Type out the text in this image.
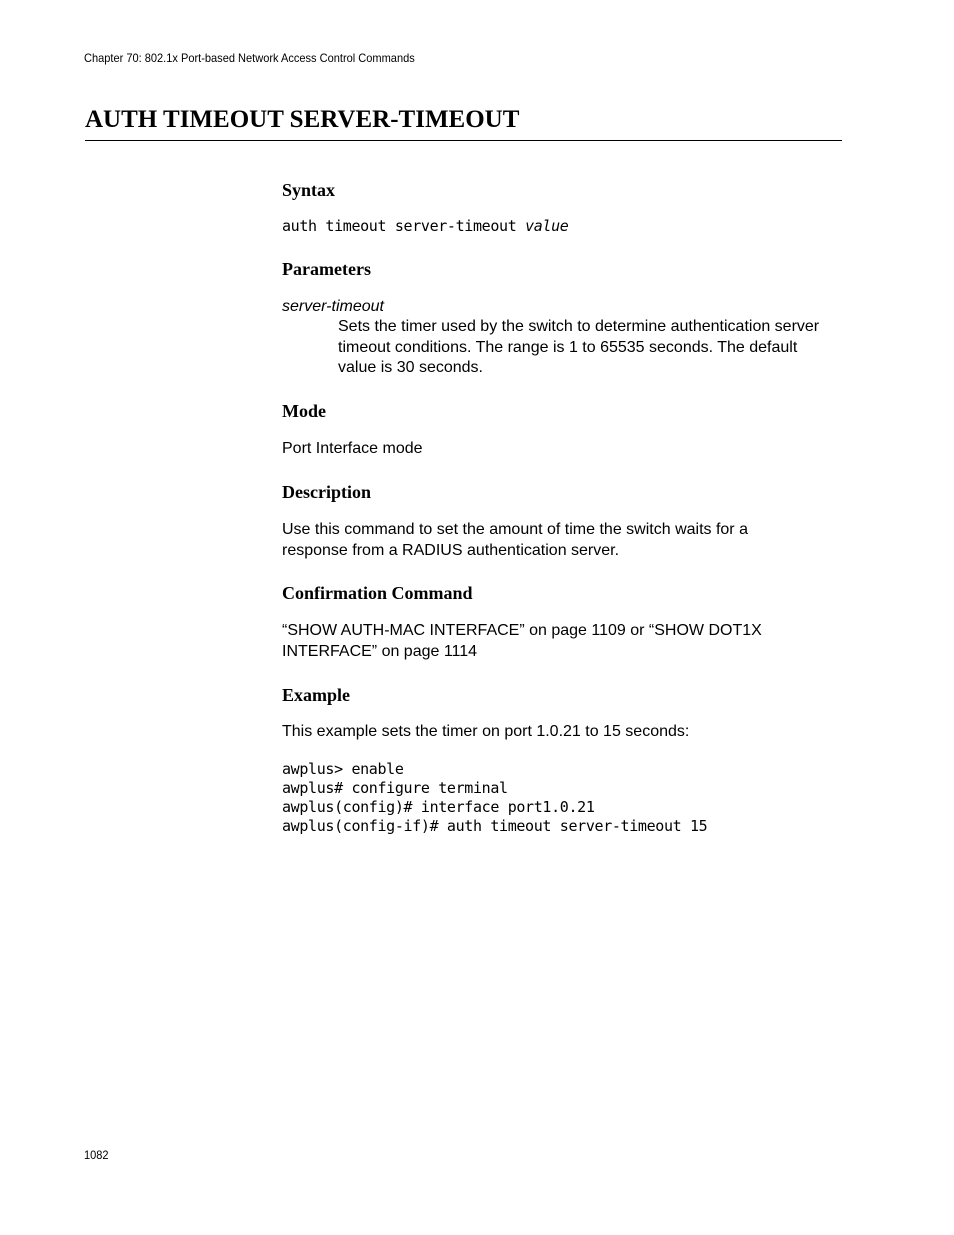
Chapter 70: 802.1x Port-based Network Access Control Commands
AUTH TIMEOUT SERVER-TIMEOUT
Syntax
auth timeout server-timeout value
Parameters
server-timeout
Sets the timer used by the switch to determine authentication server timeout conditions. The range is 1 to 65535 seconds. The default value is 30 seconds.
Mode
Port Interface mode
Description
Use this command to set the amount of time the switch waits for a response from a RADIUS authentication server.
Confirmation Command
“SHOW AUTH-MAC INTERFACE” on page 1109 or “SHOW DOT1X INTERFACE” on page 1114
Example
This example sets the timer on port 1.0.21 to 15 seconds:
awplus> enable
awplus# configure terminal
awplus(config)# interface port1.0.21
awplus(config-if)# auth timeout server-timeout 15
1082
